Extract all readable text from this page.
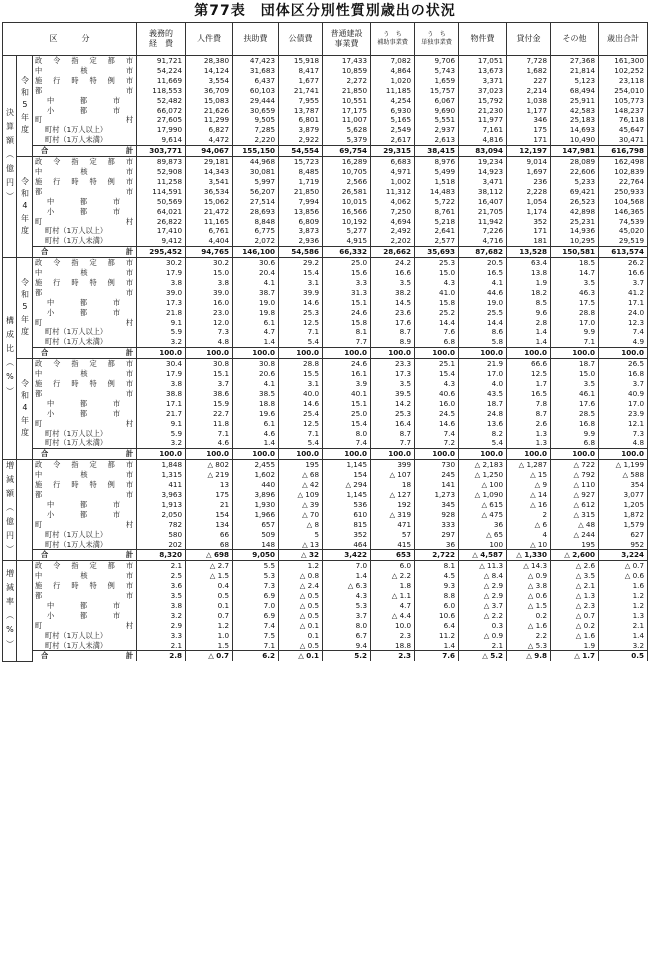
第77表　団体区分別性質別歳出の状況
区　　　分			義務的
経　費	人件費	扶助費	公債費	普通建設
事業費	う　ち
補助事業費	う　ち
単独事業費	物件費	貸付金	その他	歳出合計
決算額（億円）	令和5年度	政令指定都市	91,721	28,380	47,423	15,918	17,433	7,082	9,706	17,051	7,728	27,368	161,300
		中核市	54,224	14,124	31,683	8,417	10,859	4,864	5,743	13,673	1,682	21,814	102,252
		施行時特例市	11,669	3,554	6,437	1,677	2,272	1,020	1,659	3,371	227	5,123	23,118
		都市	118,553	36,709	60,103	21,741	21,850	11,185	15,757	37,023	2,214	68,494	254,010
		中都市	52,482	15,083	29,444	7,955	10,551	4,254	6,067	15,792	1,038	25,911	105,773
		小都市	66,072	21,626	30,659	13,787	17,175	6,930	9,690	21,230	1,177	42,583	148,237
		町村	27,605	11,299	9,505	6,801	11,007	5,165	5,551	11,977	346	25,183	76,118
		町村（1万人以上）	17,990	6,827	7,285	3,879	5,628	2,549	2,937	7,161	175	14,693	45,647
		町村（1万人未満）	9,614	4,472	2,220	2,922	5,379	2,617	2,613	4,816	171	10,490	30,471
		合計	303,771	94,067	155,150	54,554	69,754	29,315	38,415	83,094	12,197	147,981	616,798
	令和4年度	政令指定都市	89,873	29,181	44,968	15,723	16,289	6,683	8,976	19,234	9,014	28,089	162,498
		中核市	52,908	14,343	30,081	8,485	10,705	4,971	5,499	14,923	1,697	22,606	102,839
		施行時特例市	11,258	3,541	5,997	1,719	2,566	1,002	1,518	3,471	236	5,233	22,764
		都市	114,591	36,534	56,207	21,850	26,581	11,312	14,483	38,112	2,228	69,421	250,933
		中都市	50,569	15,062	27,514	7,994	10,015	4,062	5,722	16,407	1,054	26,523	104,568
		小都市	64,021	21,472	28,693	13,856	16,566	7,250	8,761	21,705	1,174	42,898	146,365
		町村	26,822	11,165	8,848	6,809	10,192	4,694	5,218	11,942	352	25,231	74,539
		町村（1万人以上）	17,410	6,761	6,775	3,873	5,277	2,492	2,641	7,226	171	14,936	45,020
		町村（1万人未満）	9,412	4,404	2,072	2,936	4,915	2,202	2,577	4,716	181	10,295	29,519
		合計	295,452	94,765	146,100	54,586	66,332	28,662	35,693	87,682	13,528	150,581	613,574
構成比（%）	令和5年度	政令指定都市	30.2	30.2	30.6	29.2	25.0	24.2	25.3	20.5	63.4	18.5	26.2
		中核市	17.9	15.0	20.4	15.4	15.6	16.6	15.0	16.5	13.8	14.7	16.6
		施行時特例市	3.8	3.8	4.1	3.1	3.3	3.5	4.3	4.1	1.9	3.5	3.7
		都市	39.0	39.0	38.7	39.9	31.3	38.2	41.0	44.6	18.2	46.3	41.2
		中都市	17.3	16.0	19.0	14.6	15.1	14.5	15.8	19.0	8.5	17.5	17.1
		小都市	21.8	23.0	19.8	25.3	24.6	23.6	25.2	25.5	9.6	28.8	24.0
		町村	9.1	12.0	6.1	12.5	15.8	17.6	14.4	14.4	2.8	17.0	12.3
		町村（1万人以上）	5.9	7.3	4.7	7.1	8.1	8.7	7.6	8.6	1.4	9.9	7.4
		町村（1万人未満）	3.2	4.8	1.4	5.4	7.7	8.9	6.8	5.8	1.4	7.1	4.9
		合計	100.0	100.0	100.0	100.0	100.0	100.0	100.0	100.0	100.0	100.0	100.0
	令和4年度	政令指定都市	30.4	30.8	30.8	28.8	24.6	23.3	25.1	21.9	66.6	18.7	26.5
		中核市	17.9	15.1	20.6	15.5	16.1	17.3	15.4	17.0	12.5	15.0	16.8
		施行時特例市	3.8	3.7	4.1	3.1	3.9	3.5	4.3	4.0	1.7	3.5	3.7
		都市	38.8	38.6	38.5	40.0	40.1	39.5	40.6	43.5	16.5	46.1	40.9
		中都市	17.1	15.9	18.8	14.6	15.1	14.2	16.0	18.7	7.8	17.6	17.0
		小都市	21.7	22.7	19.6	25.4	25.0	25.3	24.5	24.8	8.7	28.5	23.9
		町村	9.1	11.8	6.1	12.5	15.4	16.4	14.6	13.6	2.6	16.8	12.1
		町村（1万人以上）	5.9	7.1	4.6	7.1	8.0	8.7	7.4	8.2	1.3	9.9	7.3
		町村（1万人未満）	3.2	4.6	1.4	5.4	7.4	7.7	7.2	5.4	1.3	6.8	4.8
		合計	100.0	100.0	100.0	100.0	100.0	100.0	100.0	100.0	100.0	100.0	100.0
増減額（億円）		政令指定都市	1,848	△ 802	2,455	195	1,145	399	730	△ 2,183	△ 1,287	△ 722	△ 1,199
		中核市	1,315	△ 219	1,602	△ 68	154	△ 107	245	△ 1,250	△ 15	△ 792	△ 588
		施行時特例市	411	13	440	△ 42	△ 294	18	141	△ 100	△ 9	△ 110	354
		都市	3,963	175	3,896	△ 109	1,145	△ 127	1,273	△ 1,090	△ 14	△ 927	3,077
		中都市	1,913	21	1,930	△ 39	536	192	345	△ 615	△ 16	△ 612	1,205
		小都市	2,050	154	1,966	△ 70	610	△ 319	928	△ 475	2	△ 315	1,872
		町村	782	134	657	△ 8	815	471	333	36	△ 6	△ 48	1,579
		町村（1万人以上）	580	66	509	5	352	57	297	△ 65	4	△ 244	627
		町村（1万人未満）	202	68	148	△ 13	464	415	36	100	△ 10	195	952
		合計	8,320	△ 698	9,050	△ 32	3,422	653	2,722	△ 4,587	△ 1,330	△ 2,600	3,224
増減率（%）		政令指定都市	2.1	△ 2.7	5.5	1.2	7.0	6.0	8.1	△ 11.3	△ 14.3	△ 2.6	△ 0.7
		中核市	2.5	△ 1.5	5.3	△ 0.8	1.4	△ 2.2	4.5	△ 8.4	△ 0.9	△ 3.5	△ 0.6
		施行時特例市	3.6	0.4	7.3	△ 2.4	△ 6.3	1.8	9.3	△ 2.9	△ 3.8	△ 2.1	1.6
		都市	3.5	0.5	6.9	△ 0.5	4.3	△ 1.1	8.8	△ 2.9	△ 0.6	△ 1.3	1.2
		中都市	3.8	0.1	7.0	△ 0.5	5.3	4.7	6.0	△ 3.7	△ 1.5	△ 2.3	1.2
		小都市	3.2	0.7	6.9	△ 0.5	3.7	△ 4.4	10.6	△ 2.2	0.2	△ 0.7	1.3
		町村	2.9	1.2	7.4	△ 0.1	8.0	10.0	6.4	0.3	△ 1.6	△ 0.2	2.1
		町村（1万人以上）	3.3	1.0	7.5	0.1	6.7	2.3	11.2	△ 0.9	2.2	△ 1.6	1.4
		町村（1万人未満）	2.1	1.5	7.1	△ 0.5	9.4	18.8	1.4	2.1	△ 5.3	1.9	3.2
		合計	2.8	△ 0.7	6.2	△ 0.1	5.2	2.3	7.6	△ 5.2	△ 9.8	△ 1.7	0.5
